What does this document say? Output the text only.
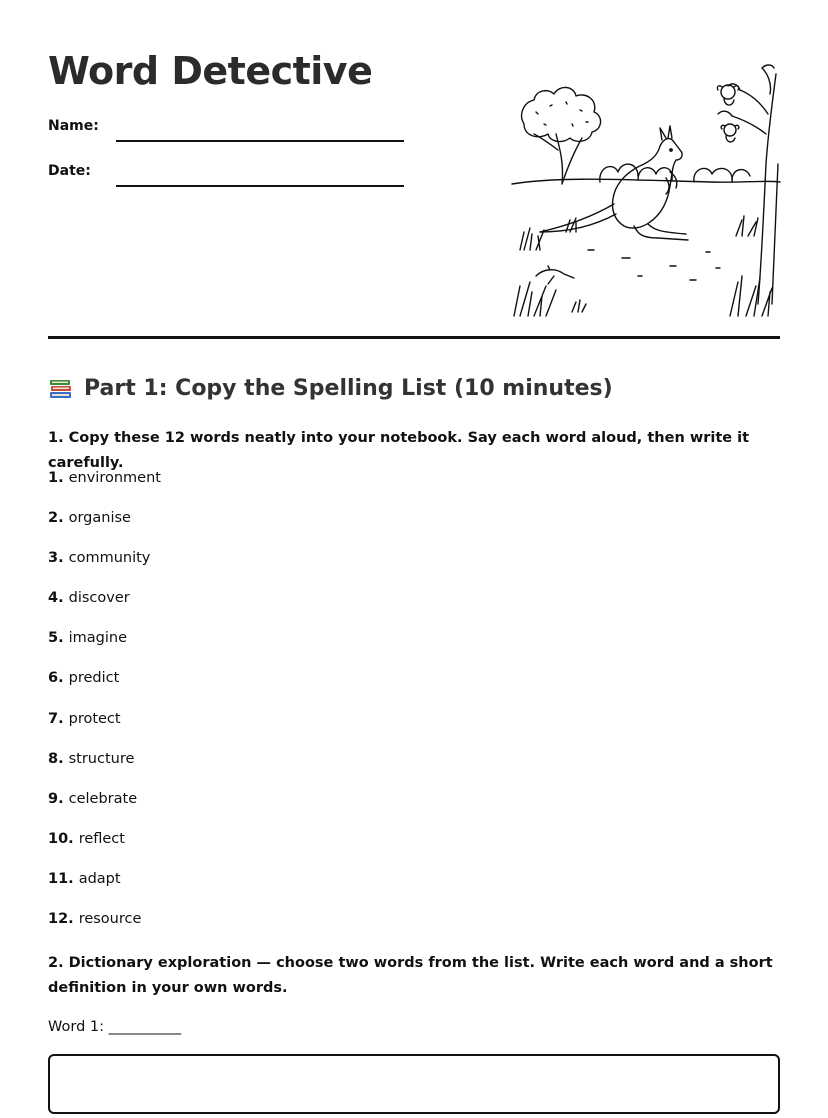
Word Detective
Name:
Date:
Part 1: Copy the Spelling List (10 minutes)

1. Copy these 12 words neatly into your notebook. Say each word aloud, then write it carefully.

1. environment
2. organise
3. community
4. discover
5. imagine
6. predict
7. protect
8. structure
9. celebrate
10. reflect
11. adapt
12. resource

2. Dictionary exploration — choose two words from the list. Write each word and a short definition in your own words.

Word 1: __________
